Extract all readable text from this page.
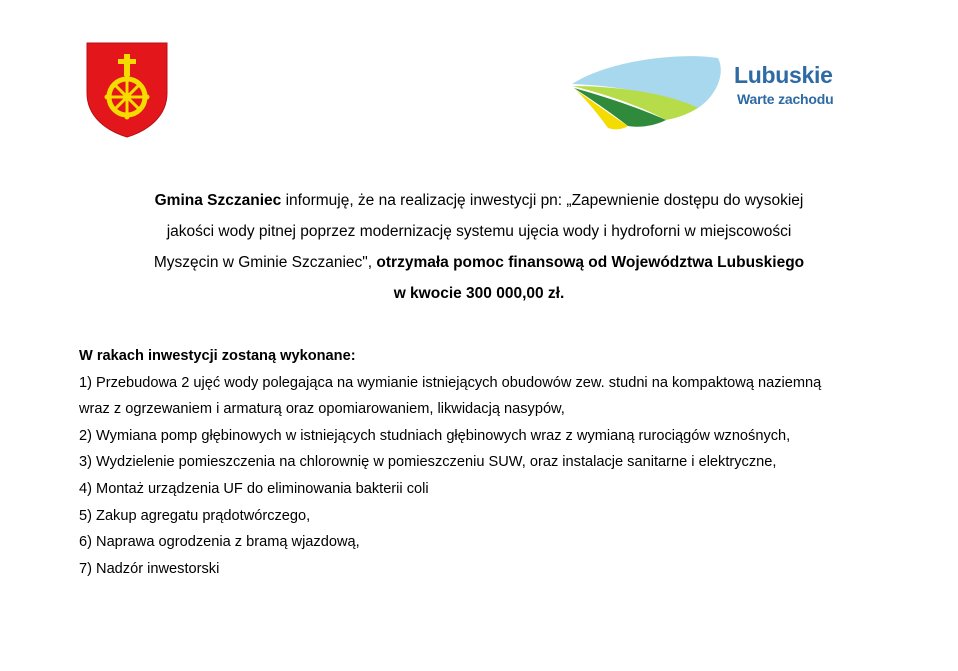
Lubuskie
Warte zachodu

Gmina Szczaniec informuję, że na realizację inwestycji pn: „Zapewnienie dostępu do wysokiej

jakości wody pitnej poprzez modernizację systemu ujęcia wody i hydroforni w miejscowości

Myszęcin w Gminie Szczaniec", otrzymała pomoc finansową od Województwa Lubuskiego

w kwocie 300 000,00 zł.

W rakach inwestycji zostaną wykonane:
1) Przebudowa 2 ujęć wody polegająca na wymianie istniejących obudowów zew. studni na kompaktową naziemną
wraz z ogrzewaniem i armaturą oraz opomiarowaniem, likwidacją nasypów,
2) Wymiana pomp głębinowych w istniejących studniach głębinowych wraz z wymianą rurociągów wznośnych,
3) Wydzielenie pomieszczenia na chlorownię w pomieszczeniu SUW, oraz instalacje sanitarne i elektryczne,
4) Montaż urządzenia UF do eliminowania bakterii coli
5) Zakup agregatu prądotwórczego,
6) Naprawa ogrodzenia z bramą wjazdową,
7) Nadzór inwestorski
